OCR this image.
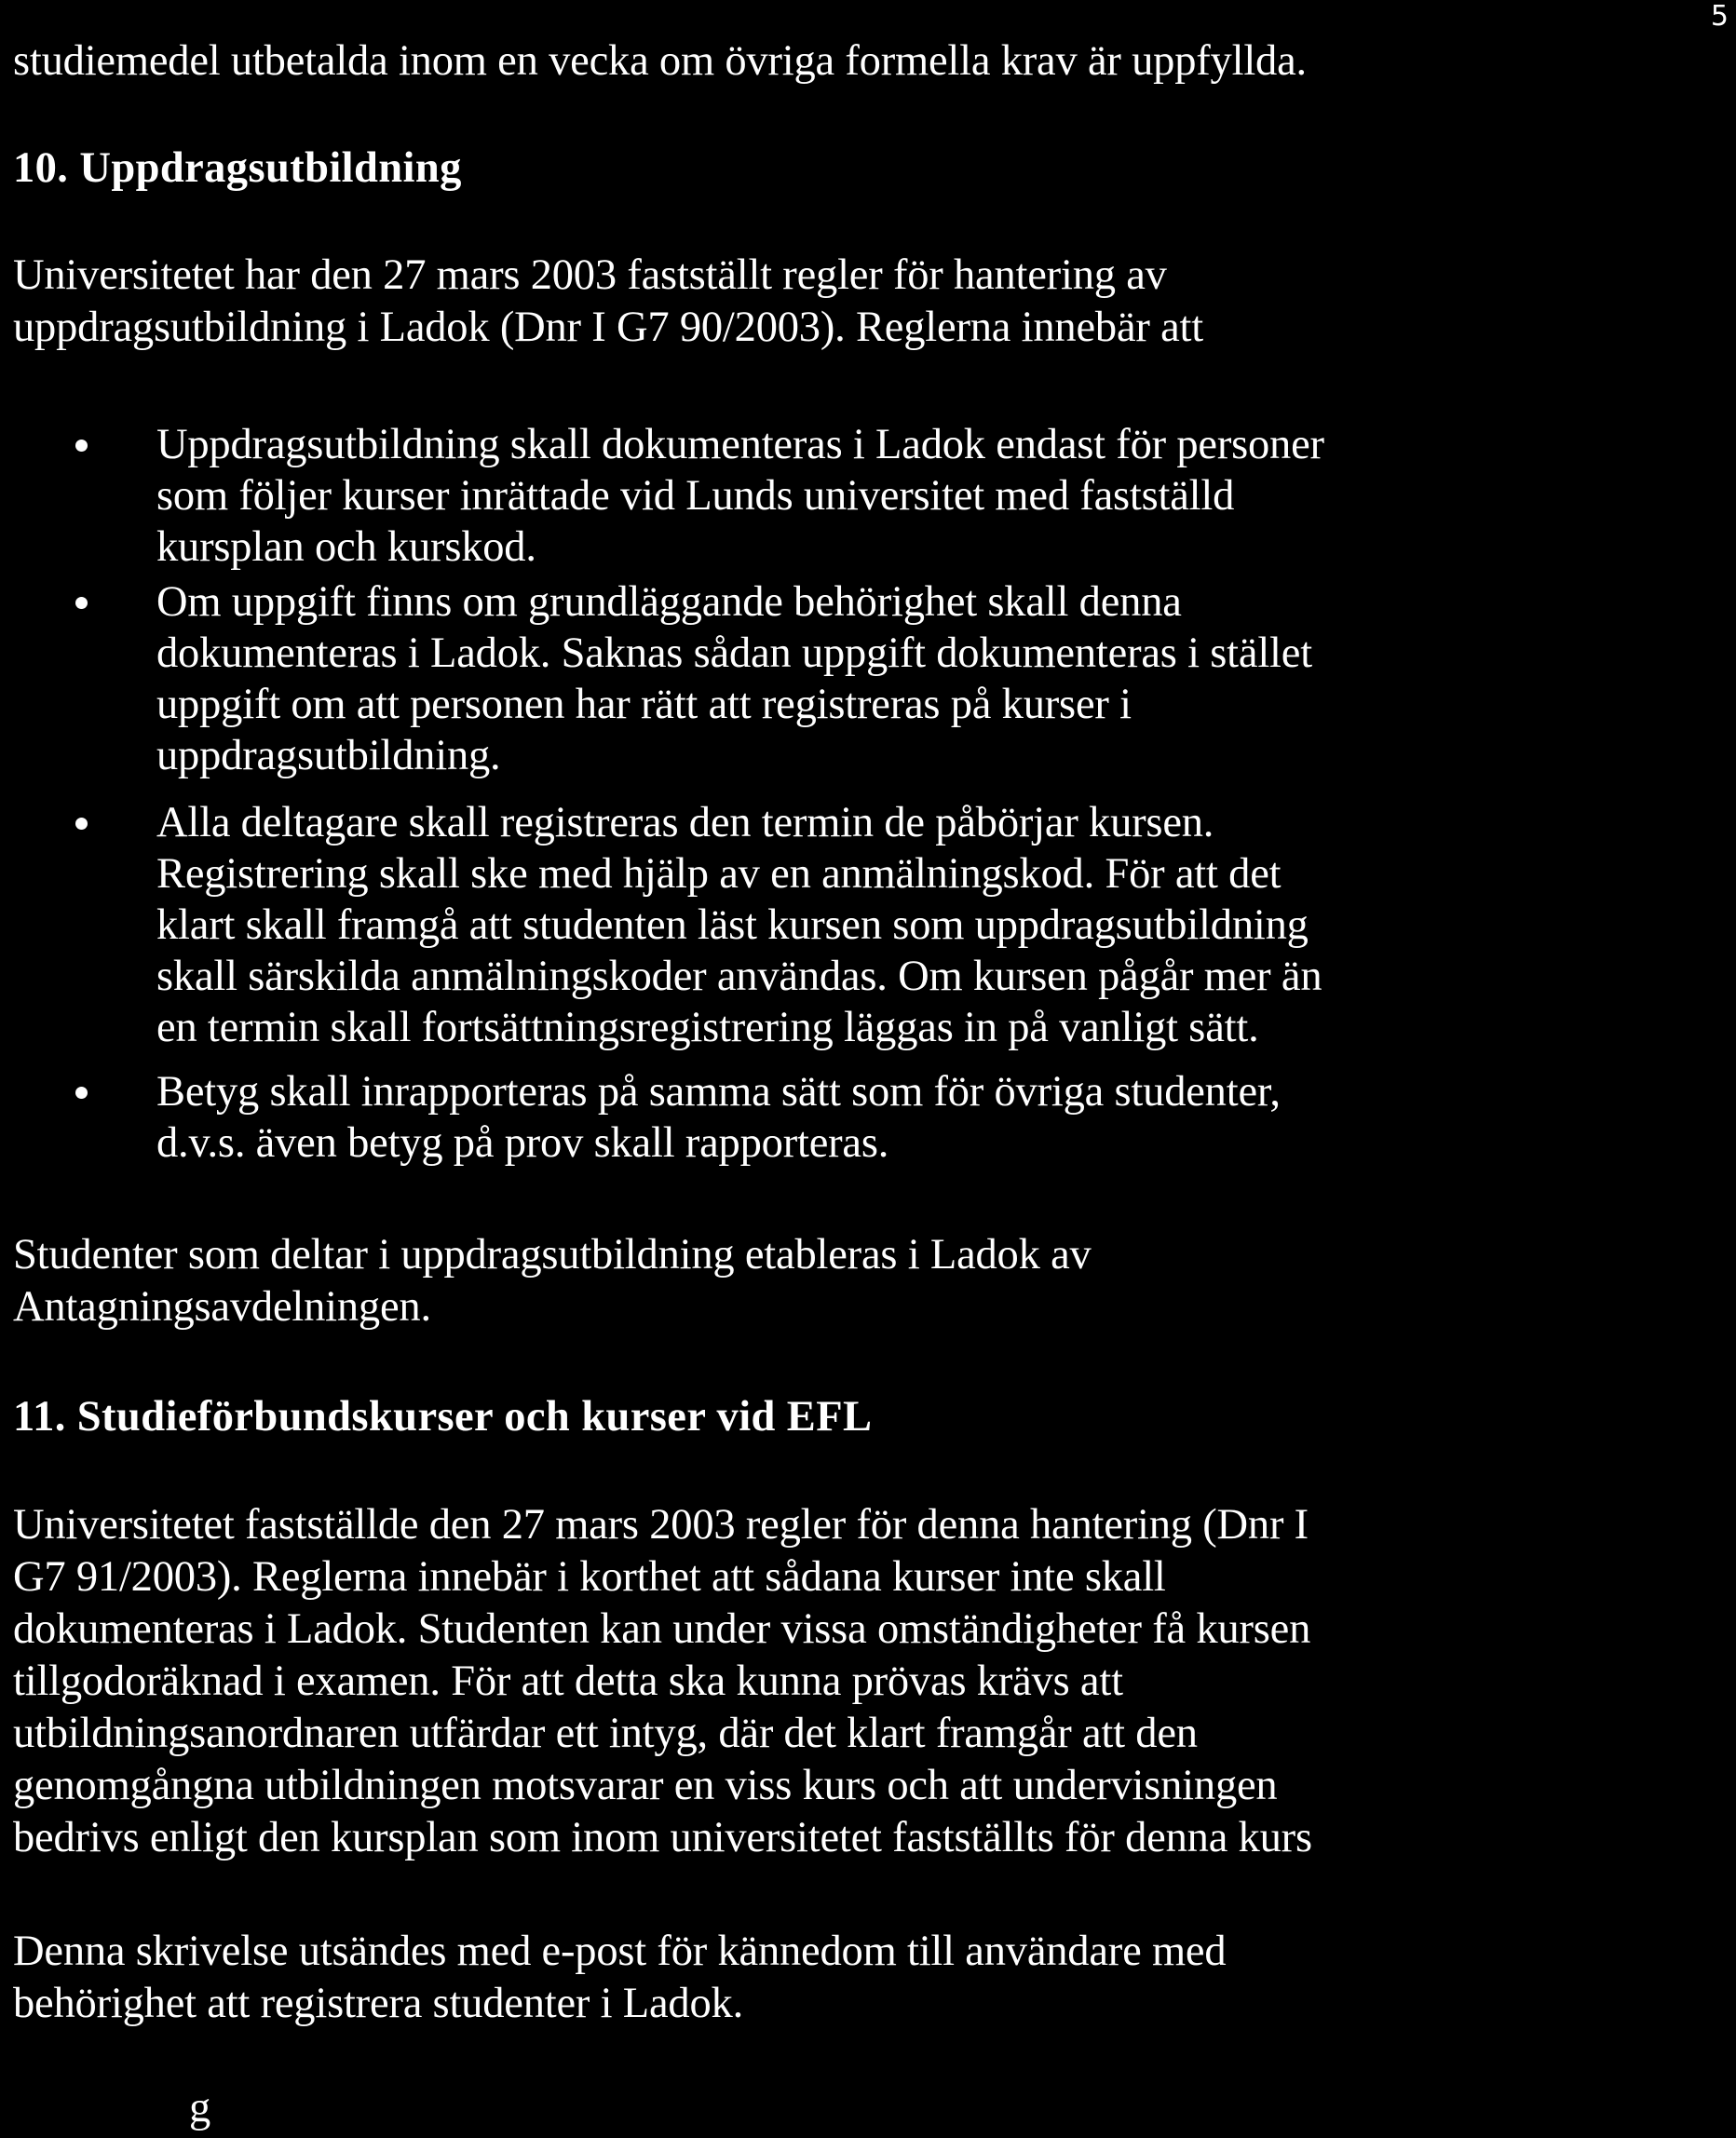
5

studiemedel utbetalda inom en vecka om övriga formella krav är uppfyllda.

10. Uppdragsutbildning
Universitetet har den 27 mars 2003 fastställt regler för hantering av
uppdragsutbildning i Ladok (Dnr I G7 90/2003). Reglerna innebär att
Uppdragsutbildning skall dokumenteras i Ladok endast för personer
som följer kurser inrättade vid Lunds universitet med fastställd
kursplan och kurskod.
Om uppgift finns om grundläggande behörighet skall denna
dokumenteras i Ladok. Saknas sådan uppgift dokumenteras i stället
uppgift om att personen har rätt att registreras på kurser i
uppdragsutbildning.
Alla deltagare skall registreras den termin de påbörjar kursen.
Registrering skall ske med hjälp av en anmälningskod. För att det
klart skall framgå att studenten läst kursen som uppdragsutbildning
skall särskilda anmälningskoder användas. Om kursen pågår mer än
en termin skall fortsättningsregistrering läggas in på vanligt sätt.
Betyg skall inrapporteras på samma sätt som för övriga studenter,
d.v.s. även betyg på prov skall rapporteras.
Studenter som deltar i uppdragsutbildning etableras i Ladok av
Antagningsavdelningen.
11. Studieförbundskurser och kurser vid EFL
Universitetet fastställde den 27 mars 2003 regler för denna hantering (Dnr I
G7 91/2003). Reglerna innebär i korthet att sådana kurser inte skall
dokumenteras i Ladok. Studenten kan under vissa omständigheter få kursen
tillgodoräknad i examen. För att detta ska kunna prövas krävs att
utbildningsanordnaren utfärdar ett intyg, där det klart framgår att den
genomgångna utbildningen motsvarar en viss kurs och att undervisningen
bedrivs enligt den kursplan som inom universitetet fastställts för denna kurs
Denna skrivelse utsändes med e-post för kännedom till användare med
behörighet att registrera studenter i Ladok.
g
